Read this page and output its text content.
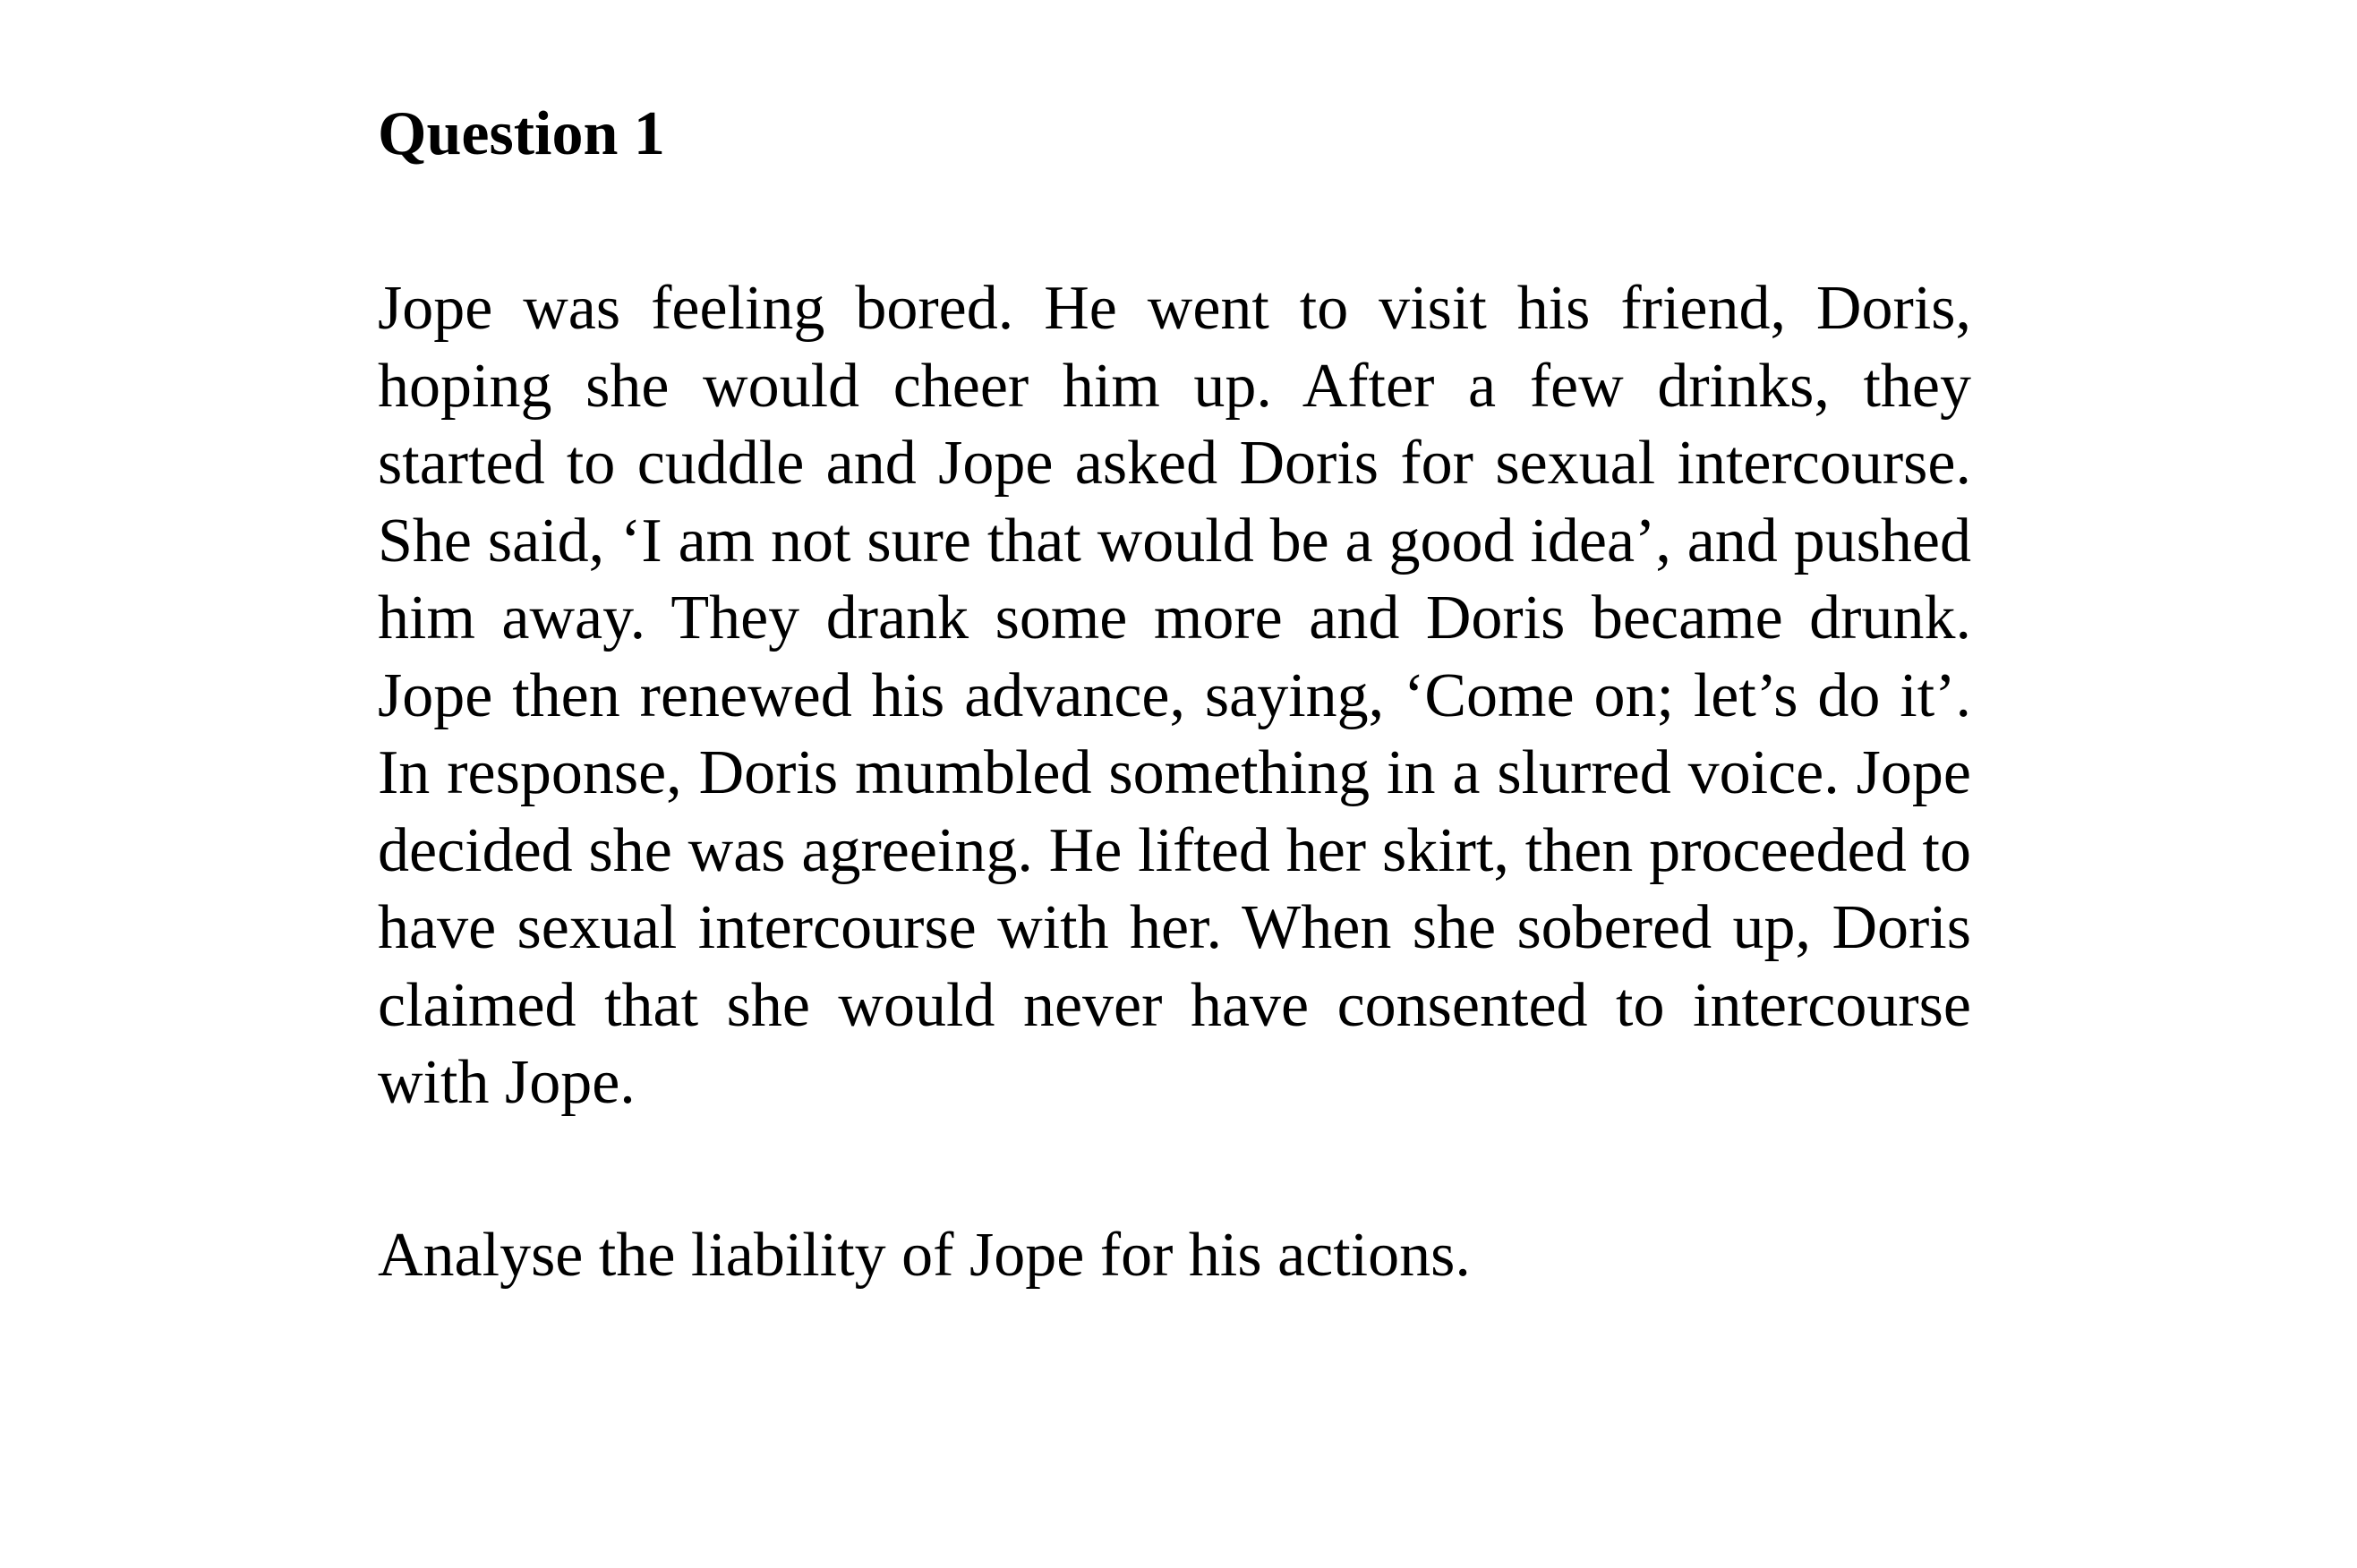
Question 1

Jope was feeling bored. He went to visit his friend, Doris, hoping she would cheer him up. After a few drinks, they started to cuddle and Jope asked Doris for sexual intercourse. She said, ‘I am not sure that would be a good idea’, and pushed him away. They drank some more and Doris became drunk. Jope then renewed his advance, saying, ‘Come on; let’s do it’. In response, Doris mumbled something in a slurred voice. Jope decided she was agreeing. He lifted her skirt, then proceeded to have sexual intercourse with her. When she sobered up, Doris claimed that she would never have consented to intercourse with Jope.

Analyse the liability of Jope for his actions.
